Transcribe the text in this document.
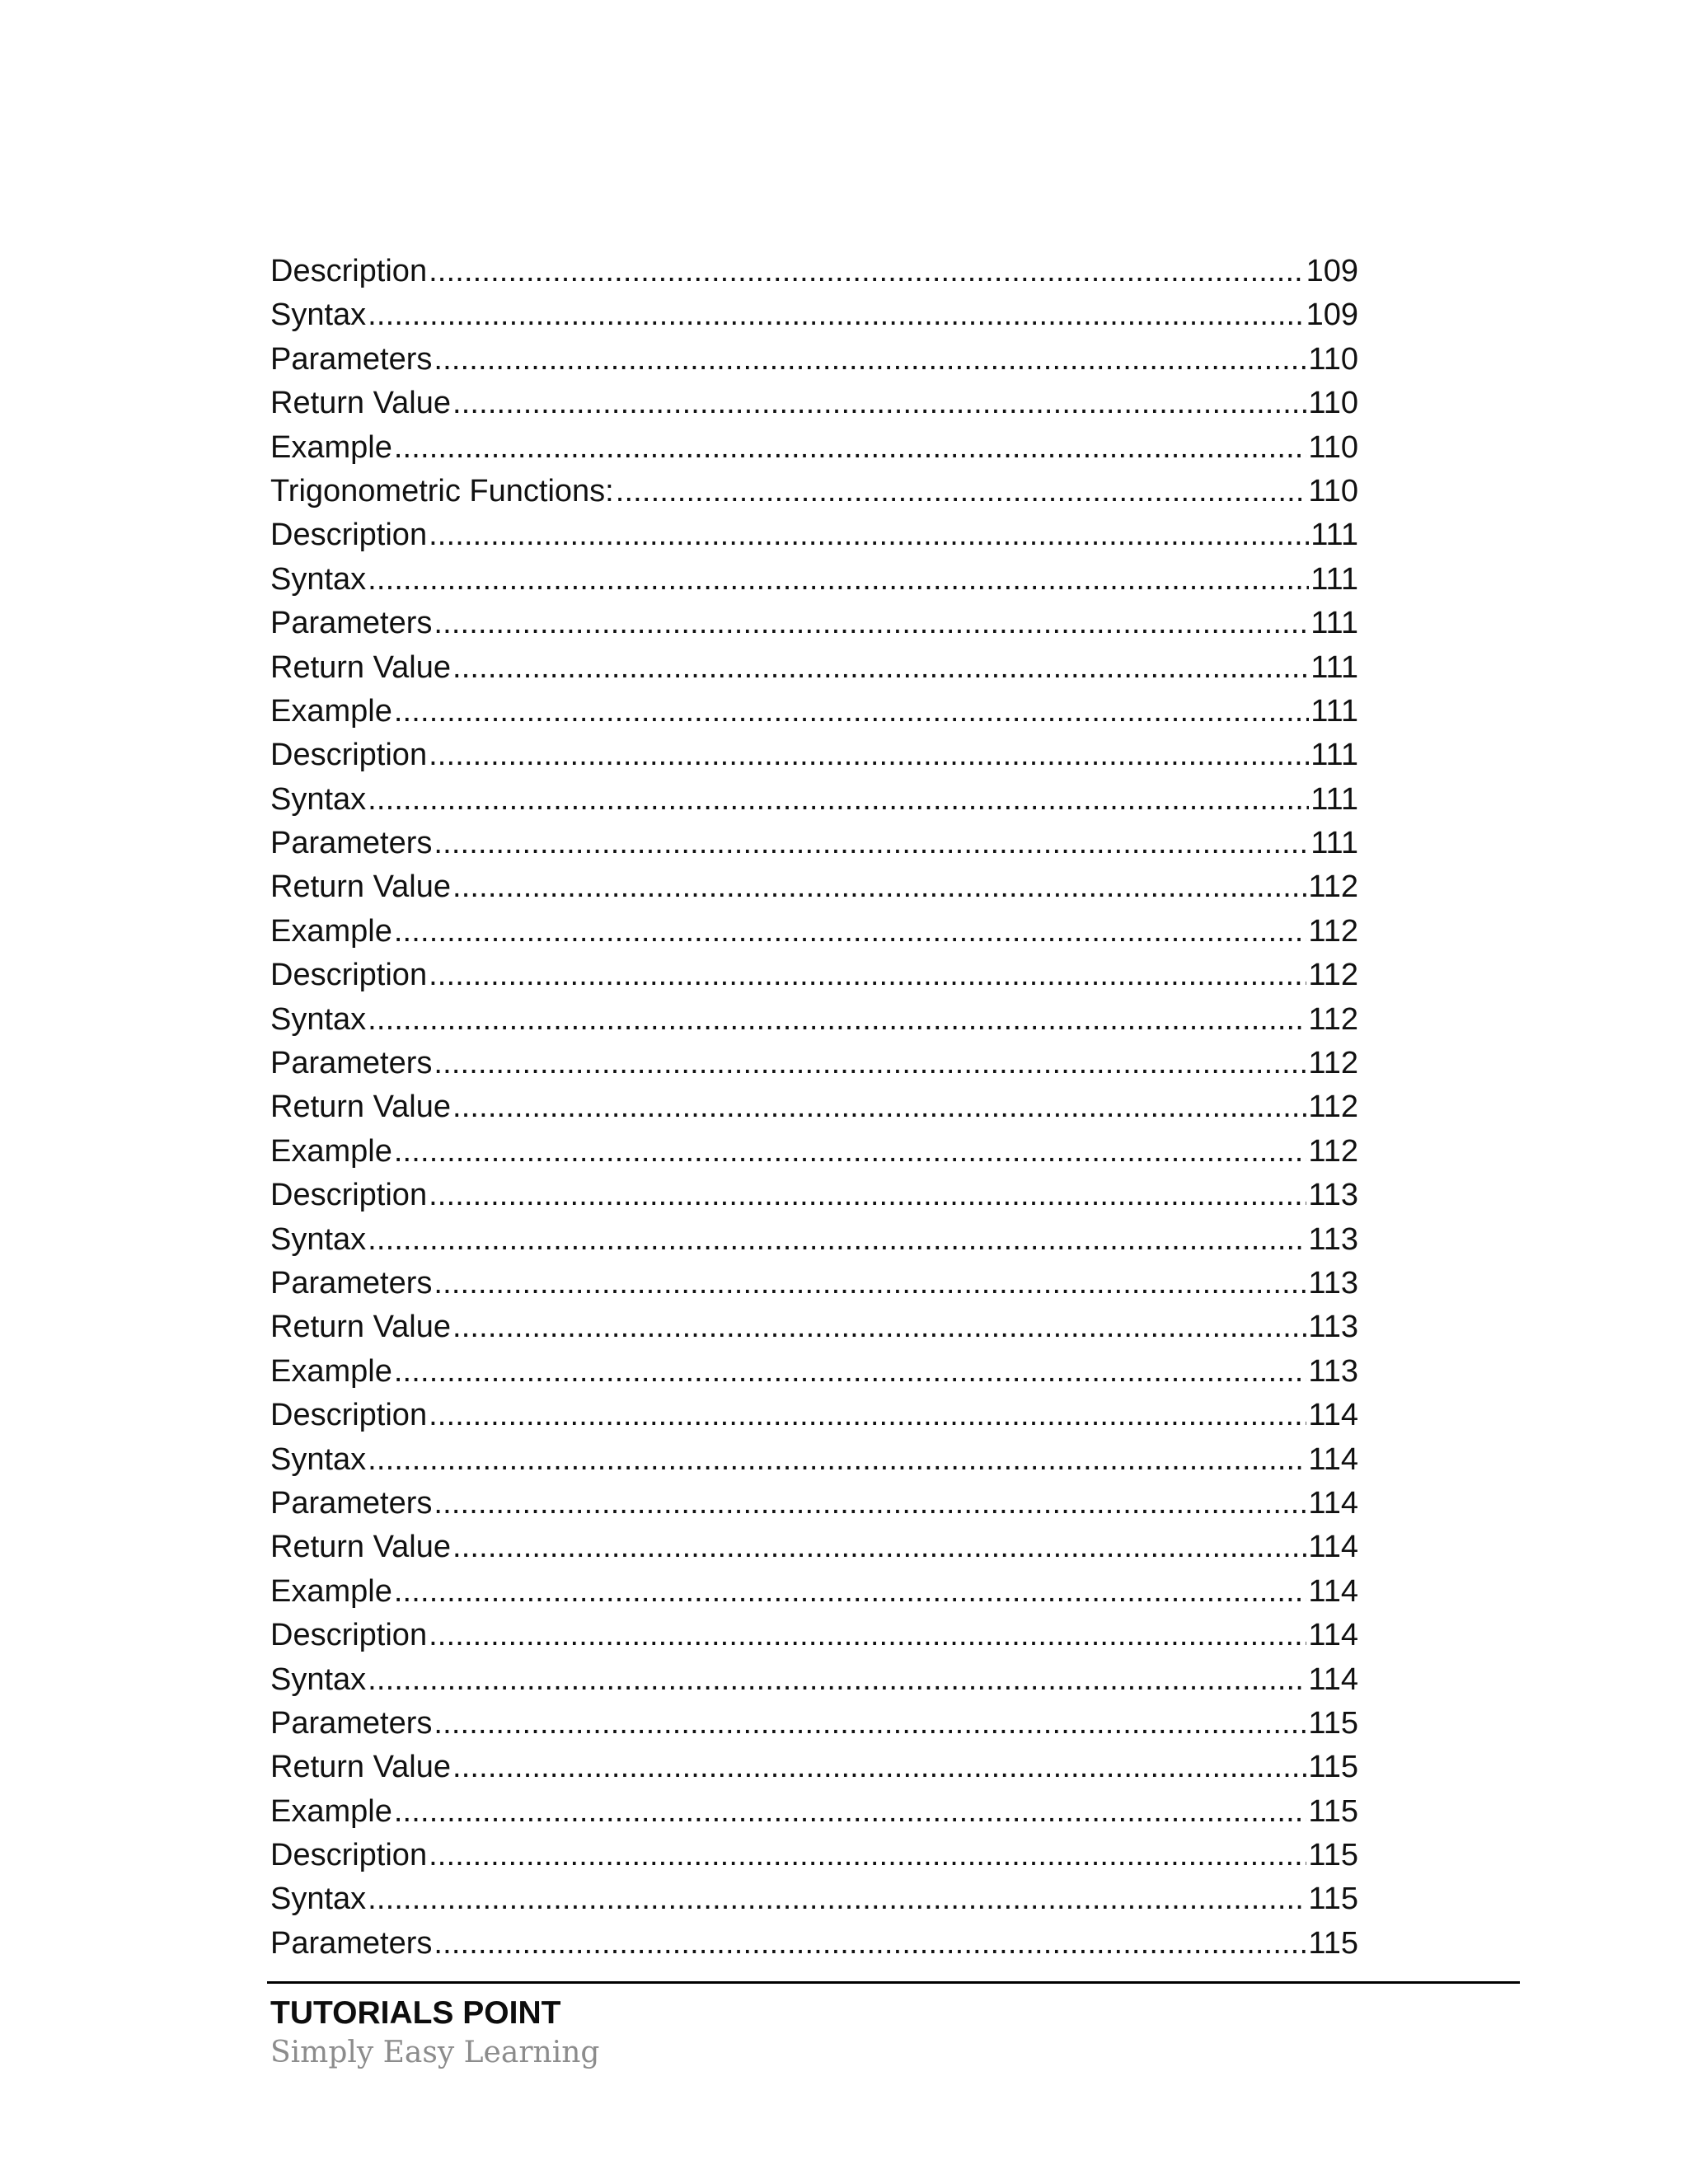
Description . . .	109
Syntax . . .	109
Parameters . . .	110
Return Value . . .	110
Example . . .	110
Trigonometric Functions: . . .	110
Description . . .	111
Syntax . . .	111
Parameters . . .	111
Return Value . . .	111
Example . . .	111
Description . . .	111
Syntax . . .	111
Parameters . . .	111
Return Value . . .	112
Example . . .	112
Description . . .	112
Syntax . . .	112
Parameters . . .	112
Return Value . . .	112
Example . . .	112
Description . . .	113
Syntax . . .	113
Parameters . . .	113
Return Value . . .	113
Example . . .	113
Description . . .	114
Syntax . . .	114
Parameters . . .	114
Return Value . . .	114
Example . . .	114
Description . . .	114
Syntax . . .	114
Parameters . . .	115
Return Value . . .	115
Example . . .	115
Description . . .	115
Syntax . . .	115
Parameters . . .	115
TUTORIALS POINT
Simply Easy Learning
